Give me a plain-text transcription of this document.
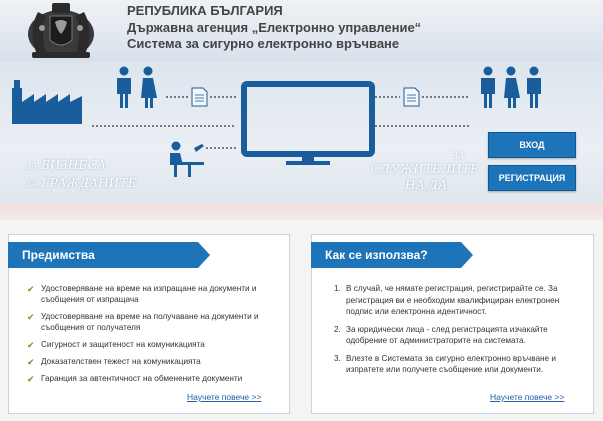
РЕПУБЛИКА БЪЛГАРИЯ
Държавна агенция „Електронно управление“
Система за сигурно електронно връчване
ЗА БИЗНЕСА
ЗА ГРАЖДАНИТЕ
ЗА
СЛУЖИТЕЛИТЕ
НА ДА
ВХОД
РЕГИСТРАЦИЯ
Предимства
✔ Удостоверяване на време на изпращане на документи и съобщения от изпращача
✔ Удостоверяване на време на получаване на документи и съобщения от получателя
✔ Сигурност и защитеност на комуникацията
✔ Доказателствен тежест на комуникацията
✔ Гаранция за автентичност на обменените документи
Научете повече >>
Как се използва?
1. В случай, че нямате регистрация, регистрирайте се. За регистрация ви е необходим квалифициран електронен подпис или електронна идентичност.
2. За юридически лица - след регистрацията изчакайте одобрение от администраторите на системата.
3. Влезте в Системата за сигурно електронно връчване и изпратете или получете съобщение или документи.
Научете повече >>
